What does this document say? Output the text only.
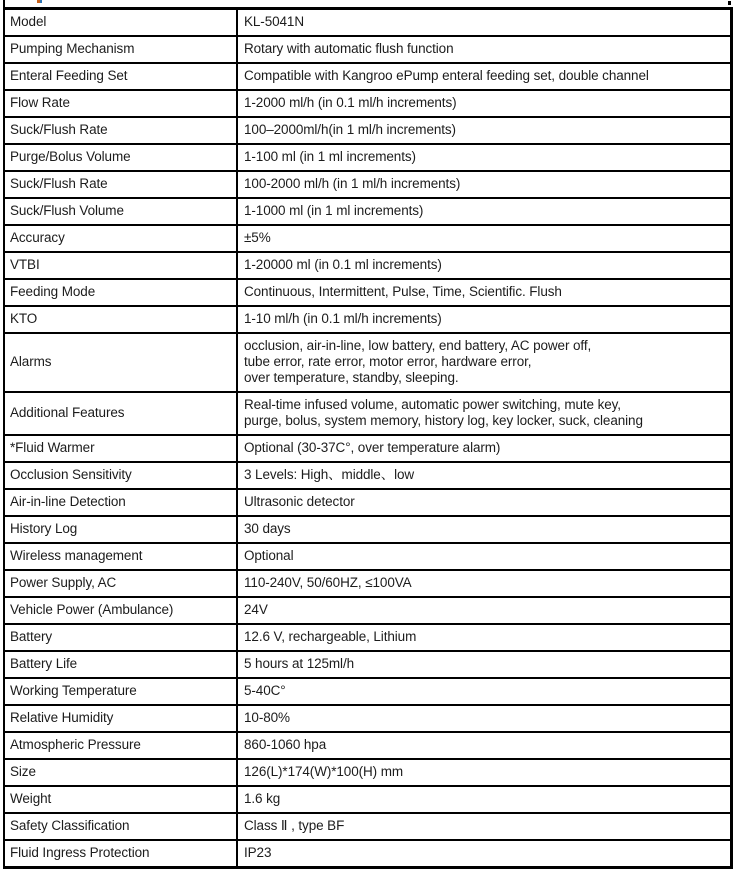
Model	KL-5041N
Pumping Mechanism	Rotary with automatic flush function
Enteral Feeding Set	Compatible with Kangroo ePump enteral feeding set, double channel
Flow Rate	1-2000 ml/h (in 0.1 ml/h increments)
Suck/Flush Rate	100–2000ml/h(in 1 ml/h increments)
Purge/Bolus Volume	1-100 ml (in 1 ml increments)
Suck/Flush Rate	100-2000 ml/h (in 1 ml/h increments)
Suck/Flush Volume	1-1000 ml (in 1 ml increments)
Accuracy	±5%
VTBI	1-20000 ml (in 0.1 ml increments)
Feeding Mode	Continuous, Intermittent, Pulse, Time, Scientific. Flush
KTO	1-10 ml/h (in 0.1 ml/h increments)
Alarms	occlusion, air-in-line, low battery, end battery, AC power off,
tube error, rate error, motor error, hardware error,
over temperature, standby, sleeping.
Additional Features	Real-time infused volume, automatic power switching, mute key,
purge, bolus, system memory, history log, key locker, suck, cleaning
*Fluid Warmer	Optional (30-37C°, over temperature alarm)
Occlusion Sensitivity	3 Levels: High、middle、low
Air-in-line Detection	Ultrasonic detector
History Log	30 days
Wireless management	Optional
Power Supply, AC	110-240V, 50/60HZ, ≤100VA
Vehicle Power (Ambulance)	24V
Battery	12.6 V, rechargeable, Lithium
Battery Life	5 hours at 125ml/h
Working Temperature	5-40C°
Relative Humidity	10-80%
Atmospheric Pressure	860-1060 hpa
Size	126(L)*174(W)*100(H) mm
Weight	1.6 kg
Safety Classification	Class Ⅱ , type BF
Fluid Ingress Protection	IP23
